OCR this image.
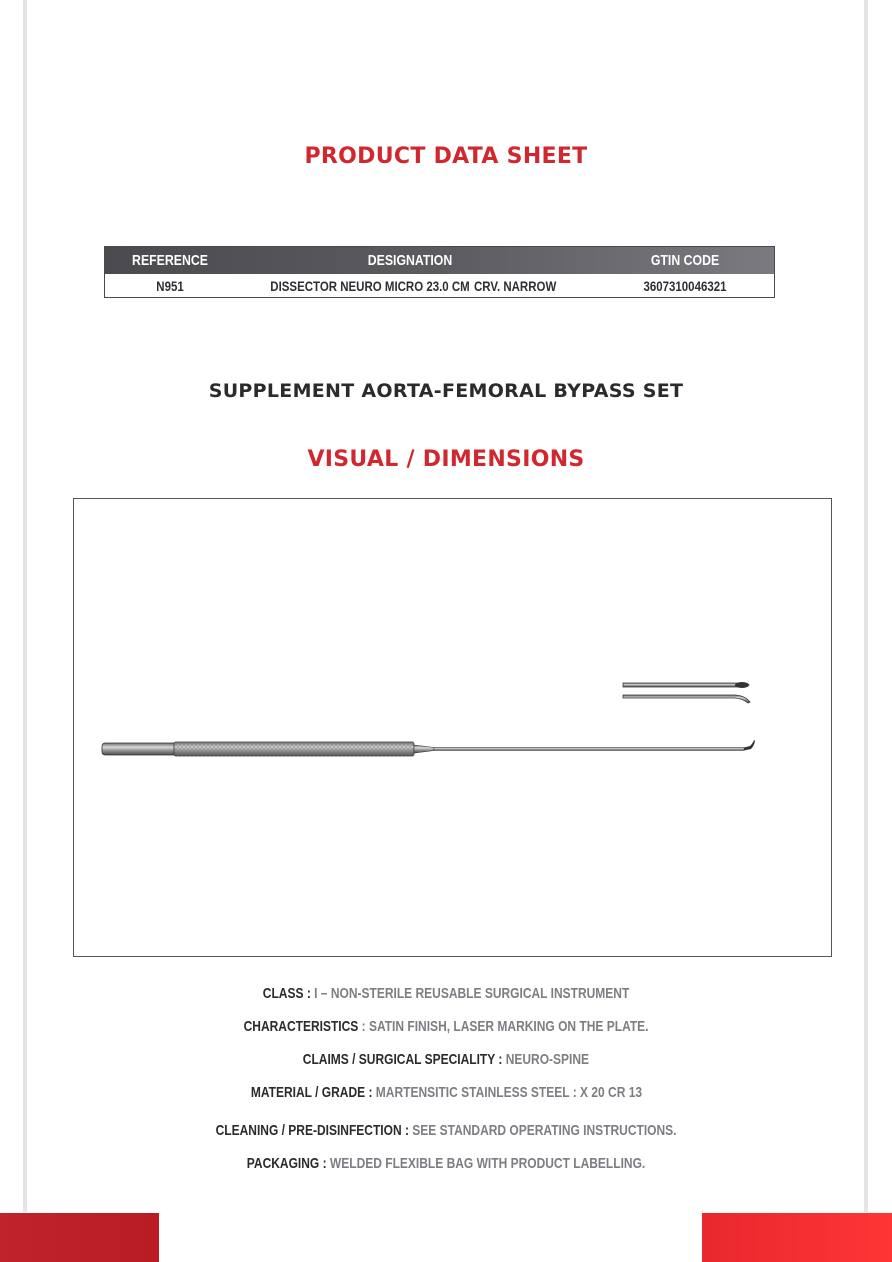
PRODUCT DATA SHEET
REFERENCE	DESIGNATION	GTIN CODE
N951	DISSECTOR NEURO MICRO 23.0 CM CRV. NARROW	3607310046321
SUPPLEMENT AORTA-FEMORAL BYPASS SET
VISUAL / DIMENSIONS
CLASS : I – NON-STERILE REUSABLE SURGICAL INSTRUMENT
CHARACTERISTICS : SATIN FINISH, LASER MARKING ON THE PLATE.
CLAIMS / SURGICAL SPECIALITY : NEURO-SPINE
MATERIAL / GRADE : MARTENSITIC STAINLESS STEEL : X 20 CR 13
CLEANING / PRE-DISINFECTION : SEE STANDARD OPERATING INSTRUCTIONS.
PACKAGING : WELDED FLEXIBLE BAG WITH PRODUCT LABELLING.
